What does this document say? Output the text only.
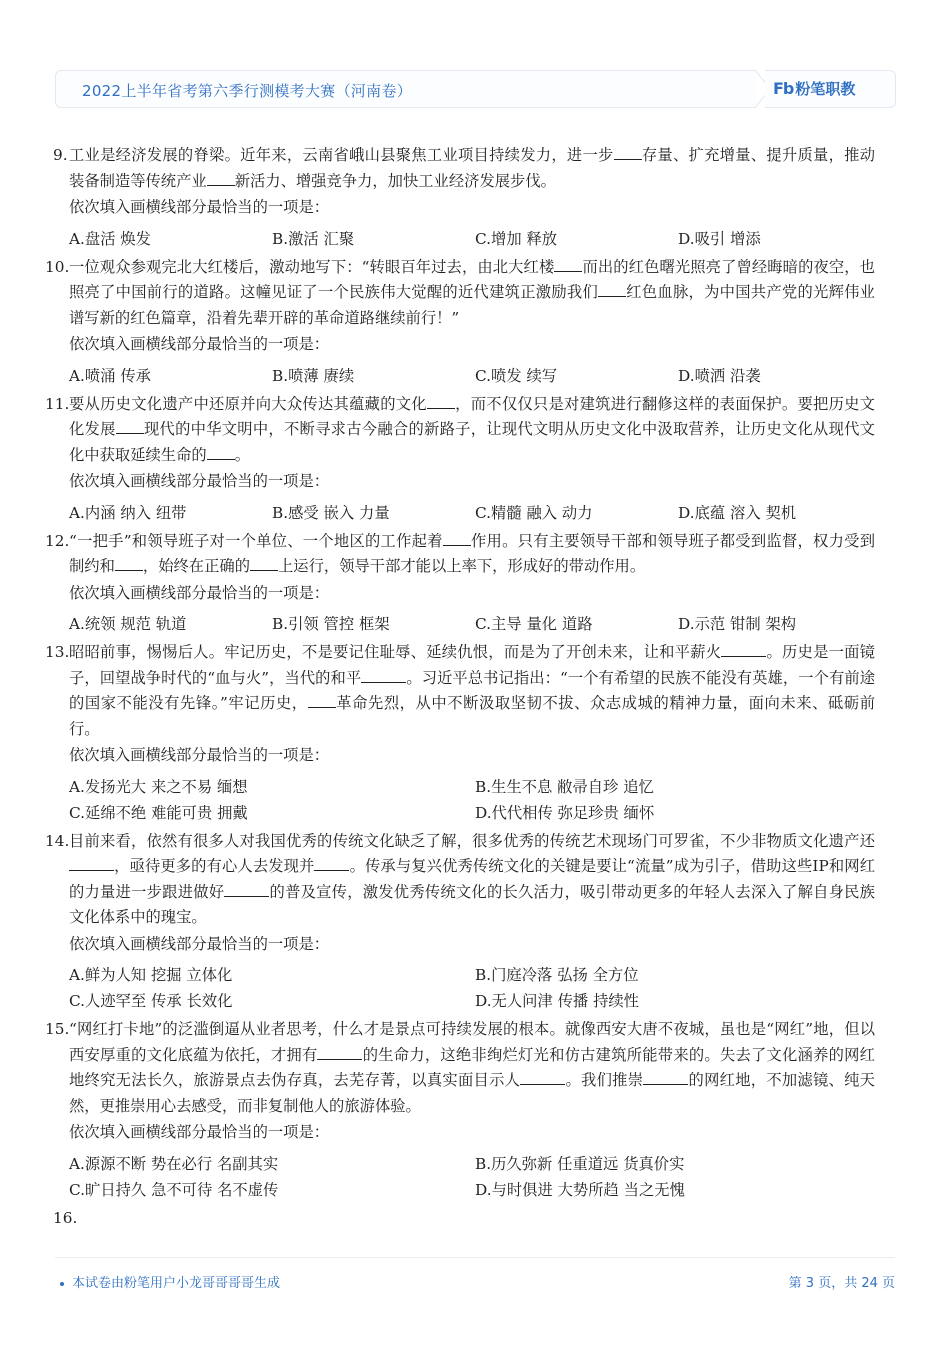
2022上半年省考第六季行测模考大赛（河南卷）	Fb 粉笔职教

9. 工业是经济发展的脊梁。近年来，云南省峨山县聚焦工业项目持续发力，进一步 存量、扩充增量、提升质量，推动装备制造等传统产业 新活力、增强竞争力，加快工业经济发展步伐。

依次填入画横线部分最恰当的一项是：
A.盘活 焕发	B.激活 汇聚	C.增加 释放	D.吸引 增添

10. 一位观众参观完北大红楼后，激动地写下：“转眼百年过去，由北大红楼 而出的红色曙光照亮了曾经晦暗的夜空，也照亮了中国前行的道路。这幢见证了一个民族伟大觉醒的近代建筑正激励我们 红色血脉，为中国共产党的光辉伟业谱写新的红色篇章，沿着先辈开辟的革命道路继续前行！”

依次填入画横线部分最恰当的一项是：
A.喷涌 传承	B.喷薄 赓续	C.喷发 续写	D.喷洒 沿袭

11. 要从历史文化遗产中还原并向大众传达其蕴藏的文化 ，而不仅仅只是对建筑进行翻修这样的表面保护。要把历史文化发展 现代的中华文明中，不断寻求古今融合的新路子，让现代文明从历史文化中汲取营养，让历史文化从现代文化中获取延续生命的 。

依次填入画横线部分最恰当的一项是：
A.内涵 纳入 纽带	B.感受 嵌入 力量	C.精髓 融入 动力	D.底蕴 溶入 契机

12. “一把手”和领导班子对一个单位、一个地区的工作起着 作用。只有主要领导干部和领导班子都受到监督，权力受到制约和 ，始终在正确的 上运行，领导干部才能以上率下，形成好的带动作用。

依次填入画横线部分最恰当的一项是：
A.统领 规范 轨道	B.引领 管控 框架	C.主导 量化 道路	D.示范 钳制 架构

13. 昭昭前事，惕惕后人。牢记历史，不是要记住耻辱、延续仇恨，而是为了开创未来，让和平薪火	。历史是一面镜子，回望战争时代的“血与火”，当代的和平	。习近平总书记指出：“一个有希望的民族不能没有英雄，一个有前途的国家不能没有先锋。”牢记历史， 革命先烈，从中不断汲取坚韧不拔、众志成城的精神力量，面向未来、砥砺前行。

依次填入画横线部分最恰当的一项是：
A.发扬光大 来之不易 缅想	B.生生不息 敝帚自珍 追忆
C.延绵不绝 难能可贵 拥戴	D.代代相传 弥足珍贵 缅怀

14. 目前来看，依然有很多人对我国优秀的传统文化缺乏了解，很多优秀的传统艺术现场门可罗雀，不少非物质文化遗产还，亟待更多的有心人去发现并 。传承与复兴优秀传统文化的关键是要让“流量”成为引子，借助这些IP和网红的力量进一步跟进做好	的普及宣传，激发优秀传统文化的长久活力，吸引带动更多的年轻人去深入了解自身民族文化体系中的瑰宝。

依次填入画横线部分最恰当的一项是：
A.鲜为人知 挖掘 立体化	B.门庭冷落 弘扬 全方位
C.人迹罕至 传承 长效化	D.无人问津 传播 持续性

15. “网红打卡地”的泛滥倒逼从业者思考，什么才是景点可持续发展的根本。就像西安大唐不夜城，虽也是“网红”地，但以西安厚重的文化底蕴为依托，才拥有	的生命力，这绝非绚烂灯光和仿古建筑所能带来的。失去了文化涵养的网红地终究无法长久，旅游景点去伪存真，去芜存菁，以真实面目示人	。我们推崇	的网红地，不加滤镜、纯天然，更推崇用心去感受，而非复制他人的旅游体验。

依次填入画横线部分最恰当的一项是：
A.源源不断 势在必行 名副其实	B.历久弥新 任重道远 货真价实
C.旷日持久 急不可待 名不虚传	D.与时俱进 大势所趋 当之无愧

16.

本试卷由粉笔用户小龙哥哥哥哥生成	第 3 页，共 24 页
